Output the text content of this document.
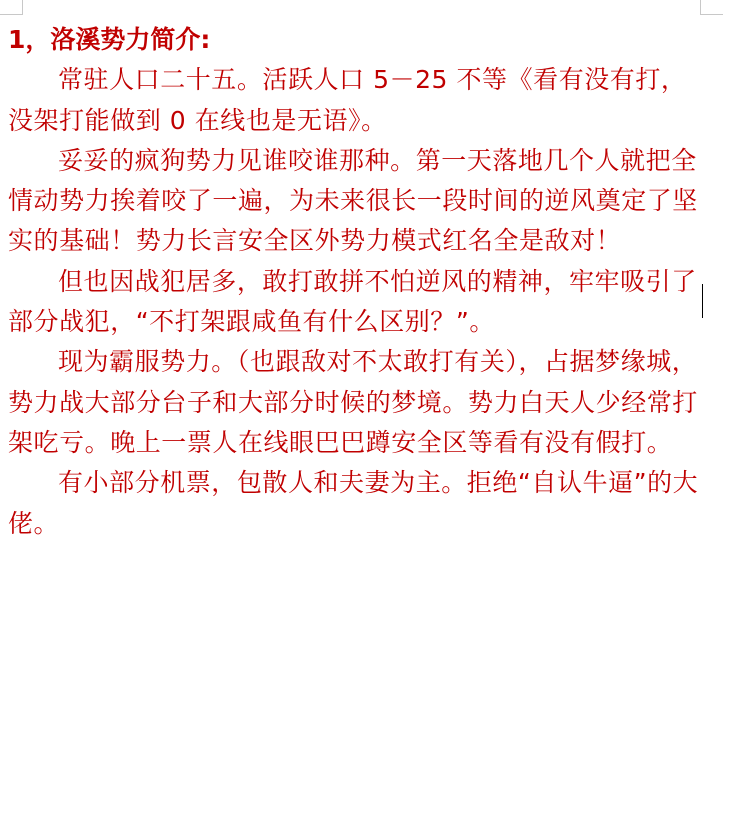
1，洛溪势力简介:

常驻人口二十五。活跃人口 5－25 不等《看有没有打，没架打能做到 0 在线也是无语》。

妥妥的疯狗势力见谁咬谁那种。第一天落地几个人就把全情动势力挨着咬了一遍，为未来很长一段时间的逆风奠定了坚实的基础！势力长言安全区外势力模式红名全是敌对！

但也因战犯居多，敢打敢拼不怕逆风的精神，牢牢吸引了部分战犯，“不打架跟咸鱼有什么区别？”。

现为霸服势力。（也跟敌对不太敢打有关），占据梦缘城，势力战大部分台子和大部分时候的梦境。势力白天人少经常打架吃亏。晚上一票人在线眼巴巴蹲安全区等看有没有假打。

有小部分机票，包散人和夫妻为主。拒绝“自认牛逼”的大佬。
